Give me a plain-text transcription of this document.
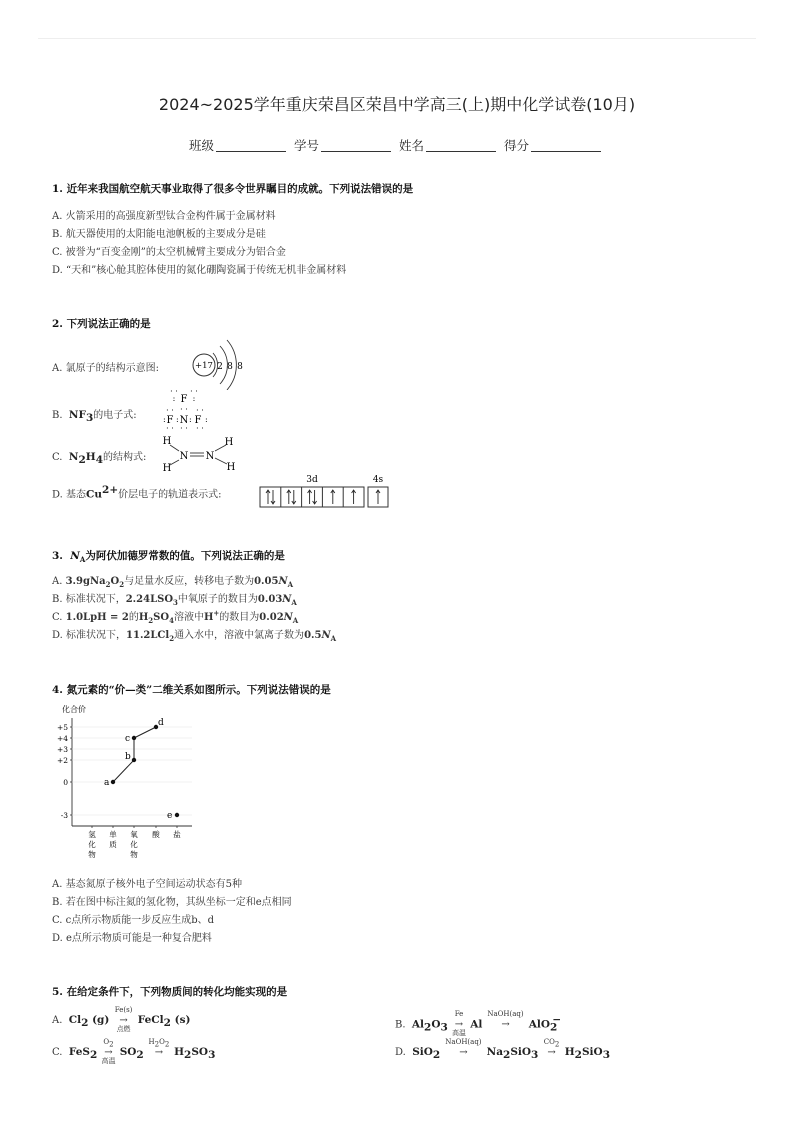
2024~2025学年重庆荣昌区荣昌中学高三(上)期中化学试卷(10月)
班级	学号	姓名	得分
1. 近年来我国航空航天事业取得了很多令世界瞩目的成就。下列说法错误的是
A. 火箭采用的高强度新型钛合金构件属于金属材料
B. 航天器使用的太阳能电池帆板的主要成分是硅
C. 被誉为“百变金刚”的太空机械臂主要成分为铝合金
D. “天和”核心舱其腔体使用的氮化硼陶瓷属于传统无机非金属材料
2. 下列说法正确的是
A. 氯原子的结构示意图:	+17 2 8 8
B. $NF_3$的电子式:
F
· · · ·
: :
F N F
: : : :
· ·	· ·
· ·
· · · · · ·
C. $N_2H_4$的结构式:
H
N N
H
H	H
D. 基态$Cu^{2+}$价层电子的轨道表示式:
3d	4s
3.  $N_A$为阿伏加德罗常数的值。下列说法正确的是
A. $3.9gNa_2O_2$与足量水反应，转移电子数为$0.05N_A$
B. 标准状况下，$2.24LSO_3$中氧原子的数目为$0.03N_A$
C. 1.0LpH = 2的$H_2SO_4$溶液中H+的数目为$0.02N_A$
D. 标准状况下，11.2LCl$_2$通入水中，溶液中氯离子数为$0.5N_A$
4. 氮元素的“价—类”二维关系如图所示。下列说法错误的是
化合价
+5
+4
+3
+2
0
-3
氢化物
单质
氧化物
酸 盐
a
b
c
d
e
A. 基态氮原子核外电子空间运动状态有5种
B. 若在图中标注氮的氢化物，其纵坐标一定和e点相同
C. c点所示物质能一步反应生成b、d
D. e点所示物质可能是一种复合肥料
5. 在给定条件下，下列物质间的转化均能实现的是
A. $Cl_2$ (g)
Fe(s)
→
点燃
FeCl$_2$ (s)	B. $Al_2O_3$
Fe
→
高温
Al
NaOH(aq)
→ AlO$_2$−
C. FeS$_2$
$O_2$
→
高温
$SO_2$
$H_2O_2$
→ $H_2SO_3$	D. SiO$_2$
NaOH(aq)
→ $Na_2SiO_3$
$CO_2$
→ $H_2SiO_3$
